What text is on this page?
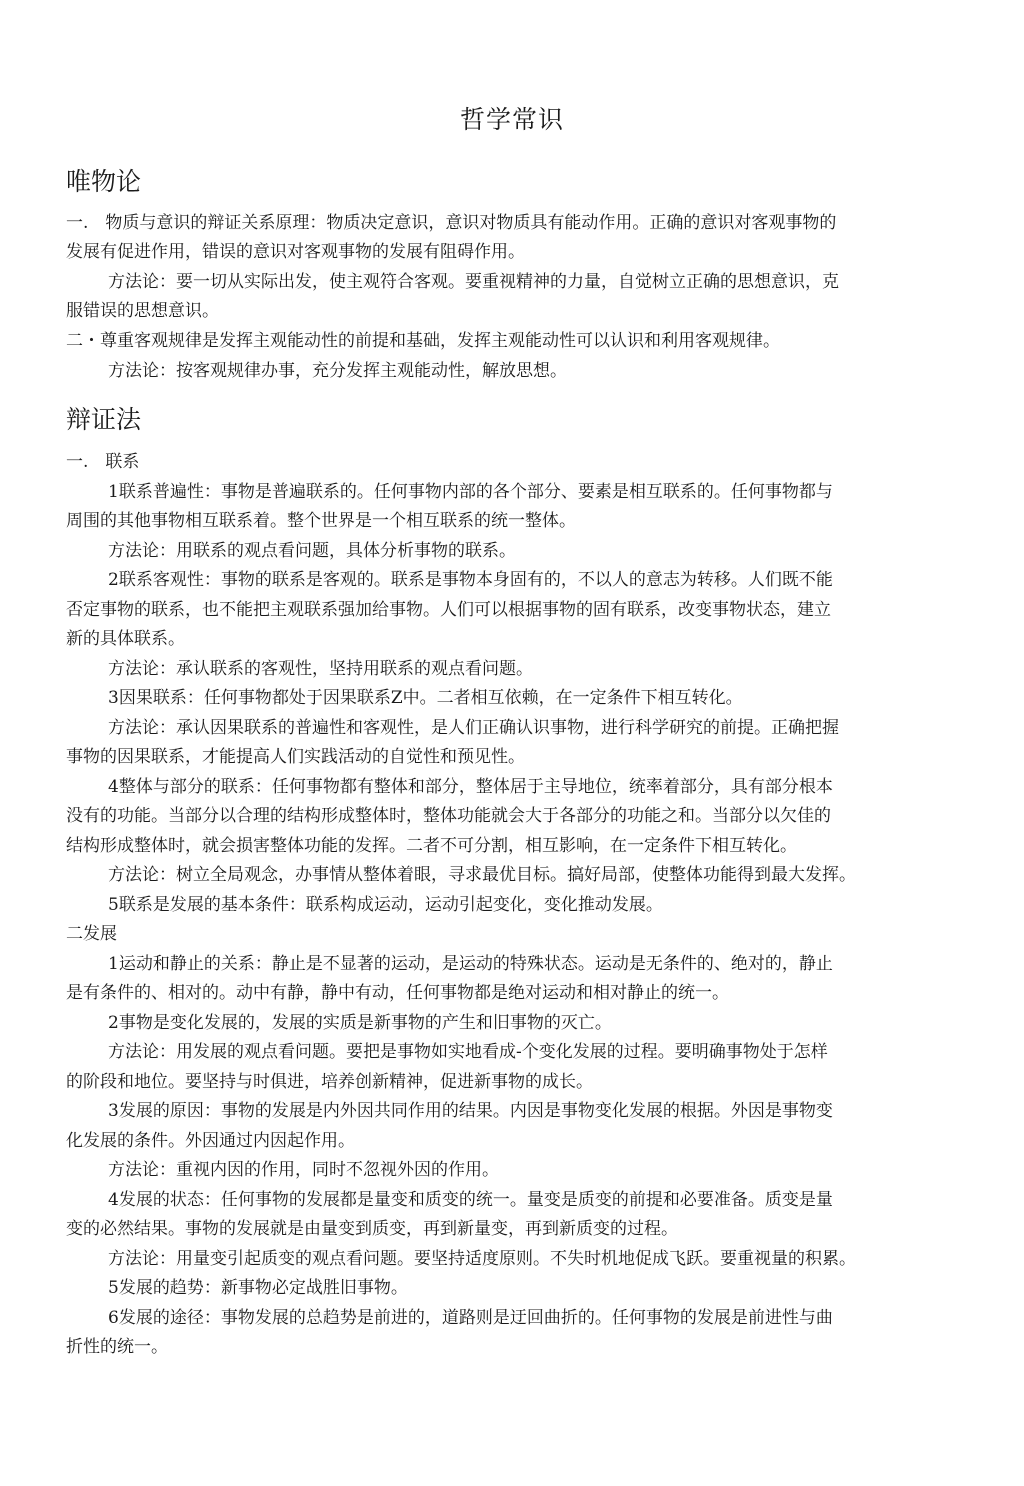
哲学常识
唯物论
一.　物质与意识的辩证关系原理：物质决定意识，意识对物质具有能动作用。正确的意识对客观事物的
发展有促进作用，错误的意识对客观事物的发展有阻碍作用。
方法论：要一切从实际出发，使主观符合客观。要重视精神的力量，自觉树立正确的思想意识，克
服错误的思想意识。
二・尊重客观规律是发挥主观能动性的前提和基础，发挥主观能动性可以认识和利用客观规律。
方法论：按客观规律办事，充分发挥主观能动性，解放思想。
辩证法
一.　联系
1联系普遍性：事物是普遍联系的。任何事物内部的各个部分、要素是相互联系的。任何事物都与
周围的其他事物相互联系着。整个世界是一个相互联系的统一整体。
方法论：用联系的观点看问题，具体分析事物的联系。
2联系客观性：事物的联系是客观的。联系是事物本身固有的，不以人的意志为转移。人们既不能
否定事物的联系，也不能把主观联系强加给事物。人们可以根据事物的固有联系，改变事物状态，建立
新的具体联系。
方法论：承认联系的客观性，坚持用联系的观点看问题。
3因果联系：任何事物都处于因果联系Z中。二者相互依赖，在一定条件下相互转化。
方法论：承认因果联系的普遍性和客观性，是人们正确认识事物，进行科学研究的前提。正确把握
事物的因果联系，才能提高人们实践活动的自觉性和预见性。
4整体与部分的联系：任何事物都有整体和部分，整体居于主导地位，统率着部分，具有部分根本
没有的功能。当部分以合理的结构形成整体时，整体功能就会大于各部分的功能之和。当部分以欠佳的
结构形成整体时，就会损害整体功能的发挥。二者不可分割，相互影响，在一定条件下相互转化。
方法论：树立全局观念，办事情从整体着眼，寻求最优目标。搞好局部，使整体功能得到最大发挥。
5联系是发展的基本条件：联系构成运动，运动引起变化，变化推动发展。
二发展
1运动和静止的关系：静止是不显著的运动，是运动的特殊状态。运动是无条件的、绝对的，静止
是有条件的、相对的。动中有静，静中有动，任何事物都是绝对运动和相对静止的统一。
2事物是变化发展的，发展的实质是新事物的产生和旧事物的灭亡。
方法论：用发展的观点看问题。要把是事物如实地看成-个变化发展的过程。要明确事物处于怎样
的阶段和地位。要坚持与时俱进，培养创新精神，促进新事物的成长。
3发展的原因：事物的发展是内外因共同作用的结果。内因是事物变化发展的根据。外因是事物变
化发展的条件。外因通过内因起作用。
方法论：重视内因的作用，同时不忽视外因的作用。
4发展的状态：任何事物的发展都是量变和质变的统一。量变是质变的前提和必要准备。质变是量
变的必然结果。事物的发展就是由量变到质变，再到新量变，再到新质变的过程。
方法论：用量变引起质变的观点看问题。要坚持适度原则。不失时机地促成飞跃。要重视量的积累。
5发展的趋势：新事物必定战胜旧事物。
6发展的途径：事物发展的总趋势是前进的，道路则是迂回曲折的。任何事物的发展是前进性与曲
折性的统一。
